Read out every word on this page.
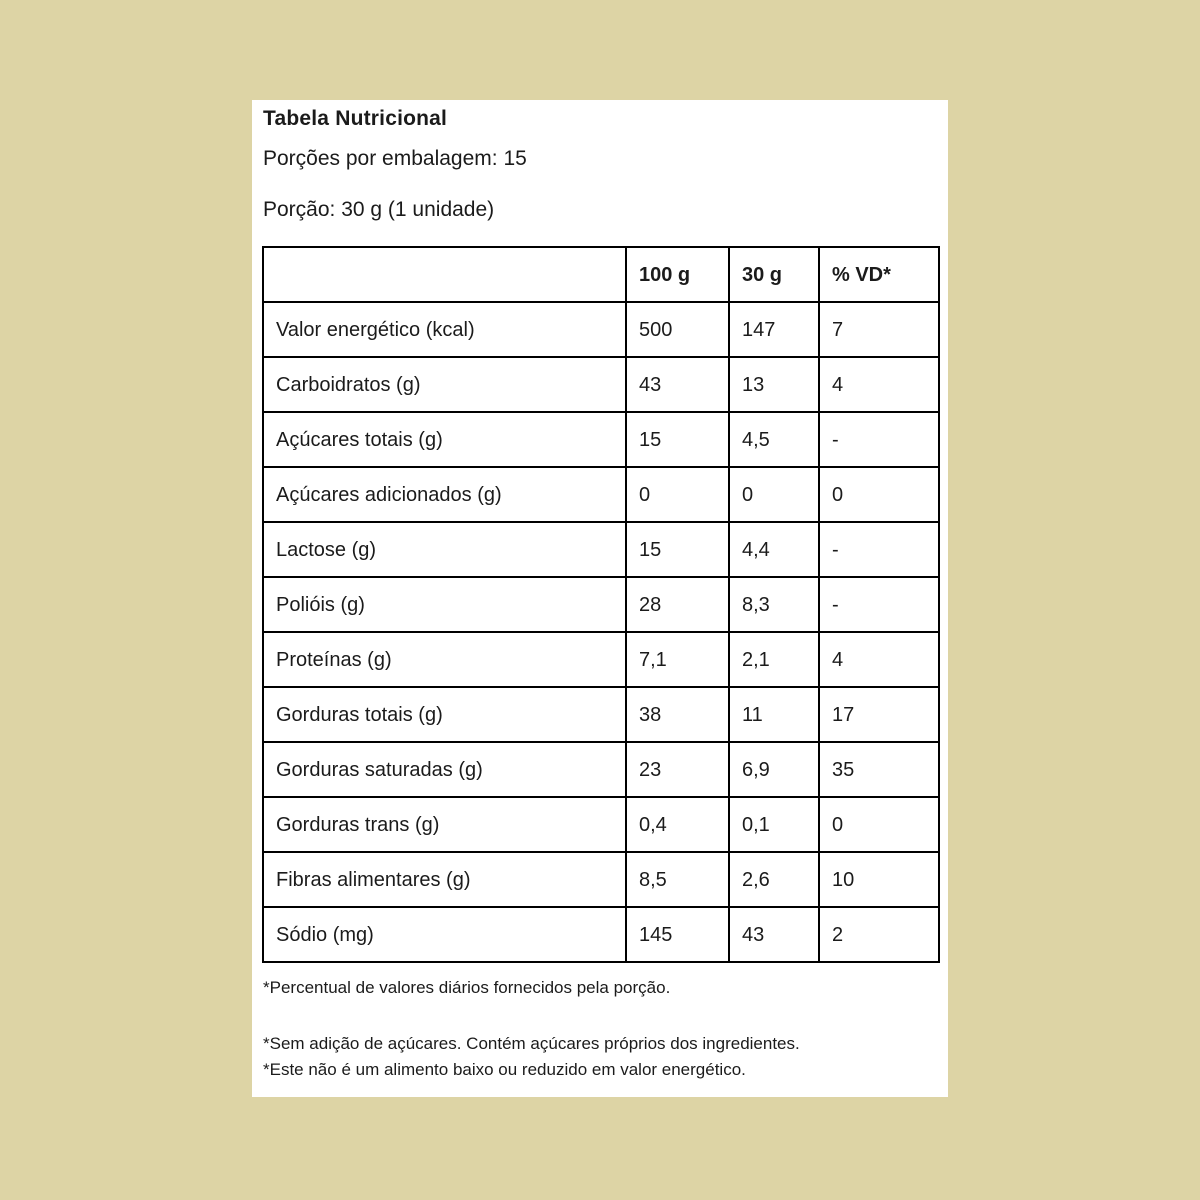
Tabela Nutricional
Porções por embalagem: 15
Porção: 30 g (1 unidade)
	100 g	30 g	% VD*
Valor energético (kcal)	500	147	7
Carboidratos (g)	43	13	4
Açúcares totais (g)	15	4,5	-
Açúcares adicionados (g)	0	0	0
Lactose (g)	15	4,4	-
Polióis (g)	28	8,3	-
Proteínas (g)	7,1	2,1	4
Gorduras totais (g)	38	11	17
Gorduras saturadas (g)	23	6,9	35
Gorduras trans (g)	0,4	0,1	0
Fibras alimentares (g)	8,5	2,6	10
Sódio (mg)	145	43	2
*Percentual de valores diários fornecidos pela porção.
*Sem adição de açúcares. Contém açúcares próprios dos ingredientes.
*Este não é um alimento baixo ou reduzido em valor energético.
